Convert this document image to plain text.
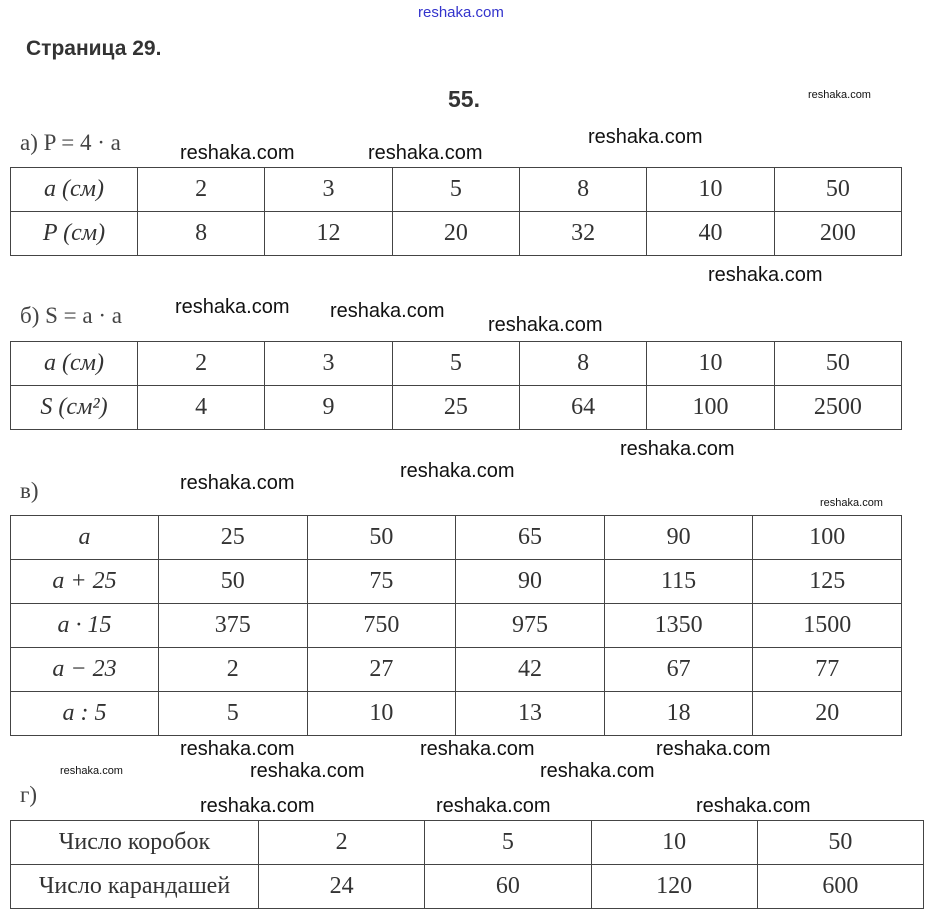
reshaka.com
Страница 29.
55.
а) P = 4 · a
a (см)	2	3	5	8	10	50
P (см)	8	12	20	32	40	200
б) S = a · a
a (см)	2	3	5	8	10	50
S (см²)	4	9	25	64	100	2500
в)
a	25	50	65	90	100
a + 25	50	75	90	115	125
a · 15	375	750	975	1350	1500
a − 23	2	27	42	67	77
a : 5	5	10	13	18	20
г)
Число коробок	2	5	10	50
Число карандашей	24	60	120	600
reshaka.com
reshaka.com	reshaka.com
reshaka.com
reshaka.com
reshaka.com reshaka.com
reshaka.com
reshaka.com
reshaka.com
reshaka.com
reshaka.com
reshaka.com
reshaka.com
reshaka.com
reshaka.com
reshaka.com	reshaka.com
reshaka.com	reshaka.com
reshaka.com
